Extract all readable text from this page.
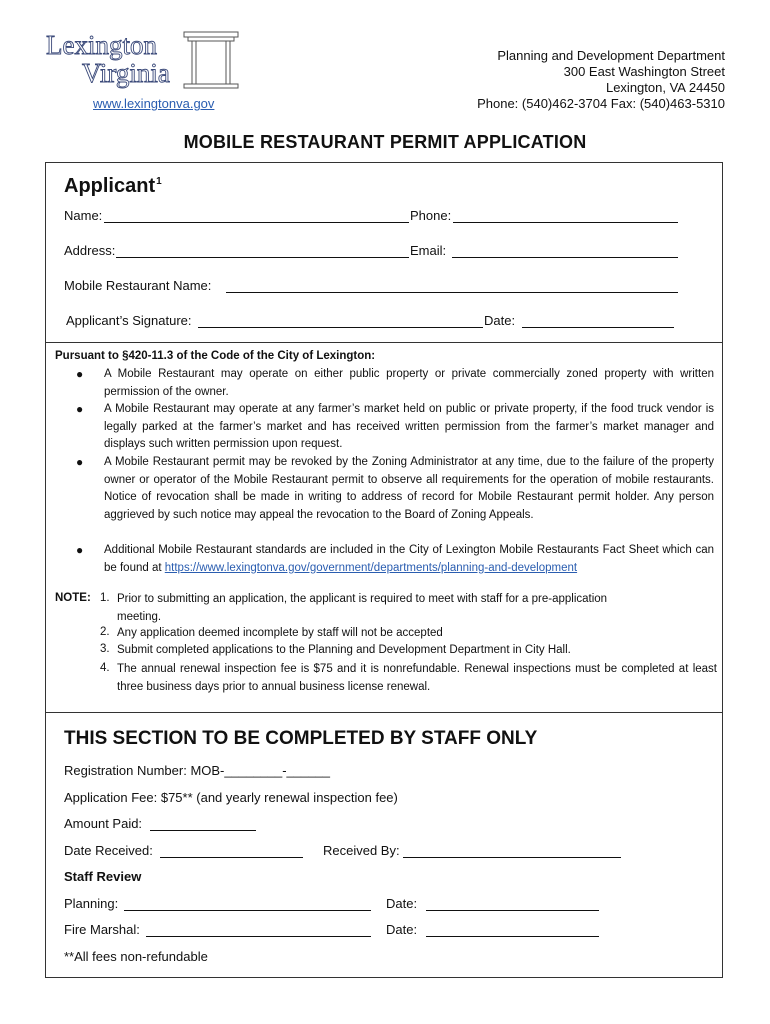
Lexington
Virginia
www.lexingtonva.gov
Planning and Development Department
300 East Washington Street
Lexington, VA 24450
Phone: (540)462-3704 Fax: (540)463-5310
MOBILE RESTAURANT PERMIT APPLICATION
Applicant$^1$
Name:	Phone:
Address:	Email:
Mobile Restaurant Name:
Applicant’s Signature:	Date:
Pursuant to §420-11.3 of the Code of the City of Lexington:
● A Mobile Restaurant may operate on either public property or private commercially zoned property with written permission of the owner.
● A Mobile Restaurant may operate at any farmer’s market held on public or private property, if the food truck vendor is legally parked at the farmer’s market and has received written permission from the farmer’s market manager and displays such written permission upon request.
● A Mobile Restaurant permit may be revoked by the Zoning Administrator at any time, due to the failure of the property owner or operator of the Mobile Restaurant permit to observe all requirements for the operation of mobile restaurants. Notice of revocation shall be made in writing to address of record for Mobile Restaurant permit holder. Any person aggrieved by such notice may appeal the revocation to the Board of Zoning Appeals.
● Additional Mobile Restaurant standards are included in the City of Lexington Mobile Restaurants Fact Sheet which can be found at https://www.lexingtonva.gov/government/departments/planning-and-development
NOTE: 1. Prior to submitting an application, the applicant is required to meet with staff for a pre-application meeting.
2. Any application deemed incomplete by staff will not be accepted
3. Submit completed applications to the Planning and Development Department in City Hall.
4. The annual renewal inspection fee is $75 and it is nonrefundable. Renewal inspections must be completed at least three business days prior to annual business license renewal.
THIS SECTION TO BE COMPLETED BY STAFF ONLY
Registration Number: MOB-________-______
Application Fee: $75** (and yearly renewal inspection fee)
Amount Paid:
Date Received:	Received By:
Staff Review
Planning:	Date:
Fire Marshal:	Date:
**All fees non-refundable
